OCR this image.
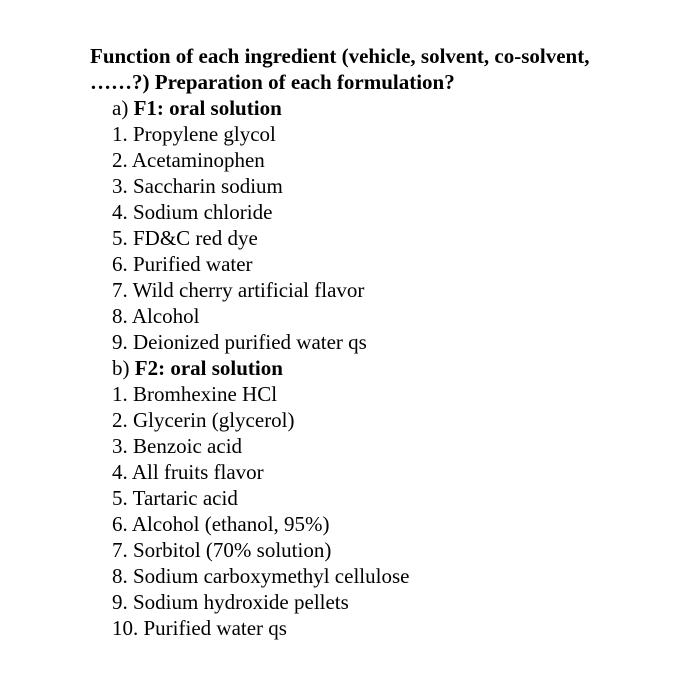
Function of each ingredient (vehicle, solvent, co-solvent,
……?) Preparation of each formulation?
a) F1: oral solution
1. Propylene glycol
2. Acetaminophen
3. Saccharin sodium
4. Sodium chloride
5. FD&C red dye
6. Purified water
7. Wild cherry artificial flavor
8. Alcohol
9. Deionized purified water qs
b) F2: oral solution
1. Bromhexine HCl
2. Glycerin (glycerol)
3. Benzoic acid
4. All fruits flavor
5. Tartaric acid
6. Alcohol (ethanol, 95%)
7. Sorbitol (70% solution)
8. Sodium carboxymethyl cellulose
9. Sodium hydroxide pellets
10. Purified water qs
